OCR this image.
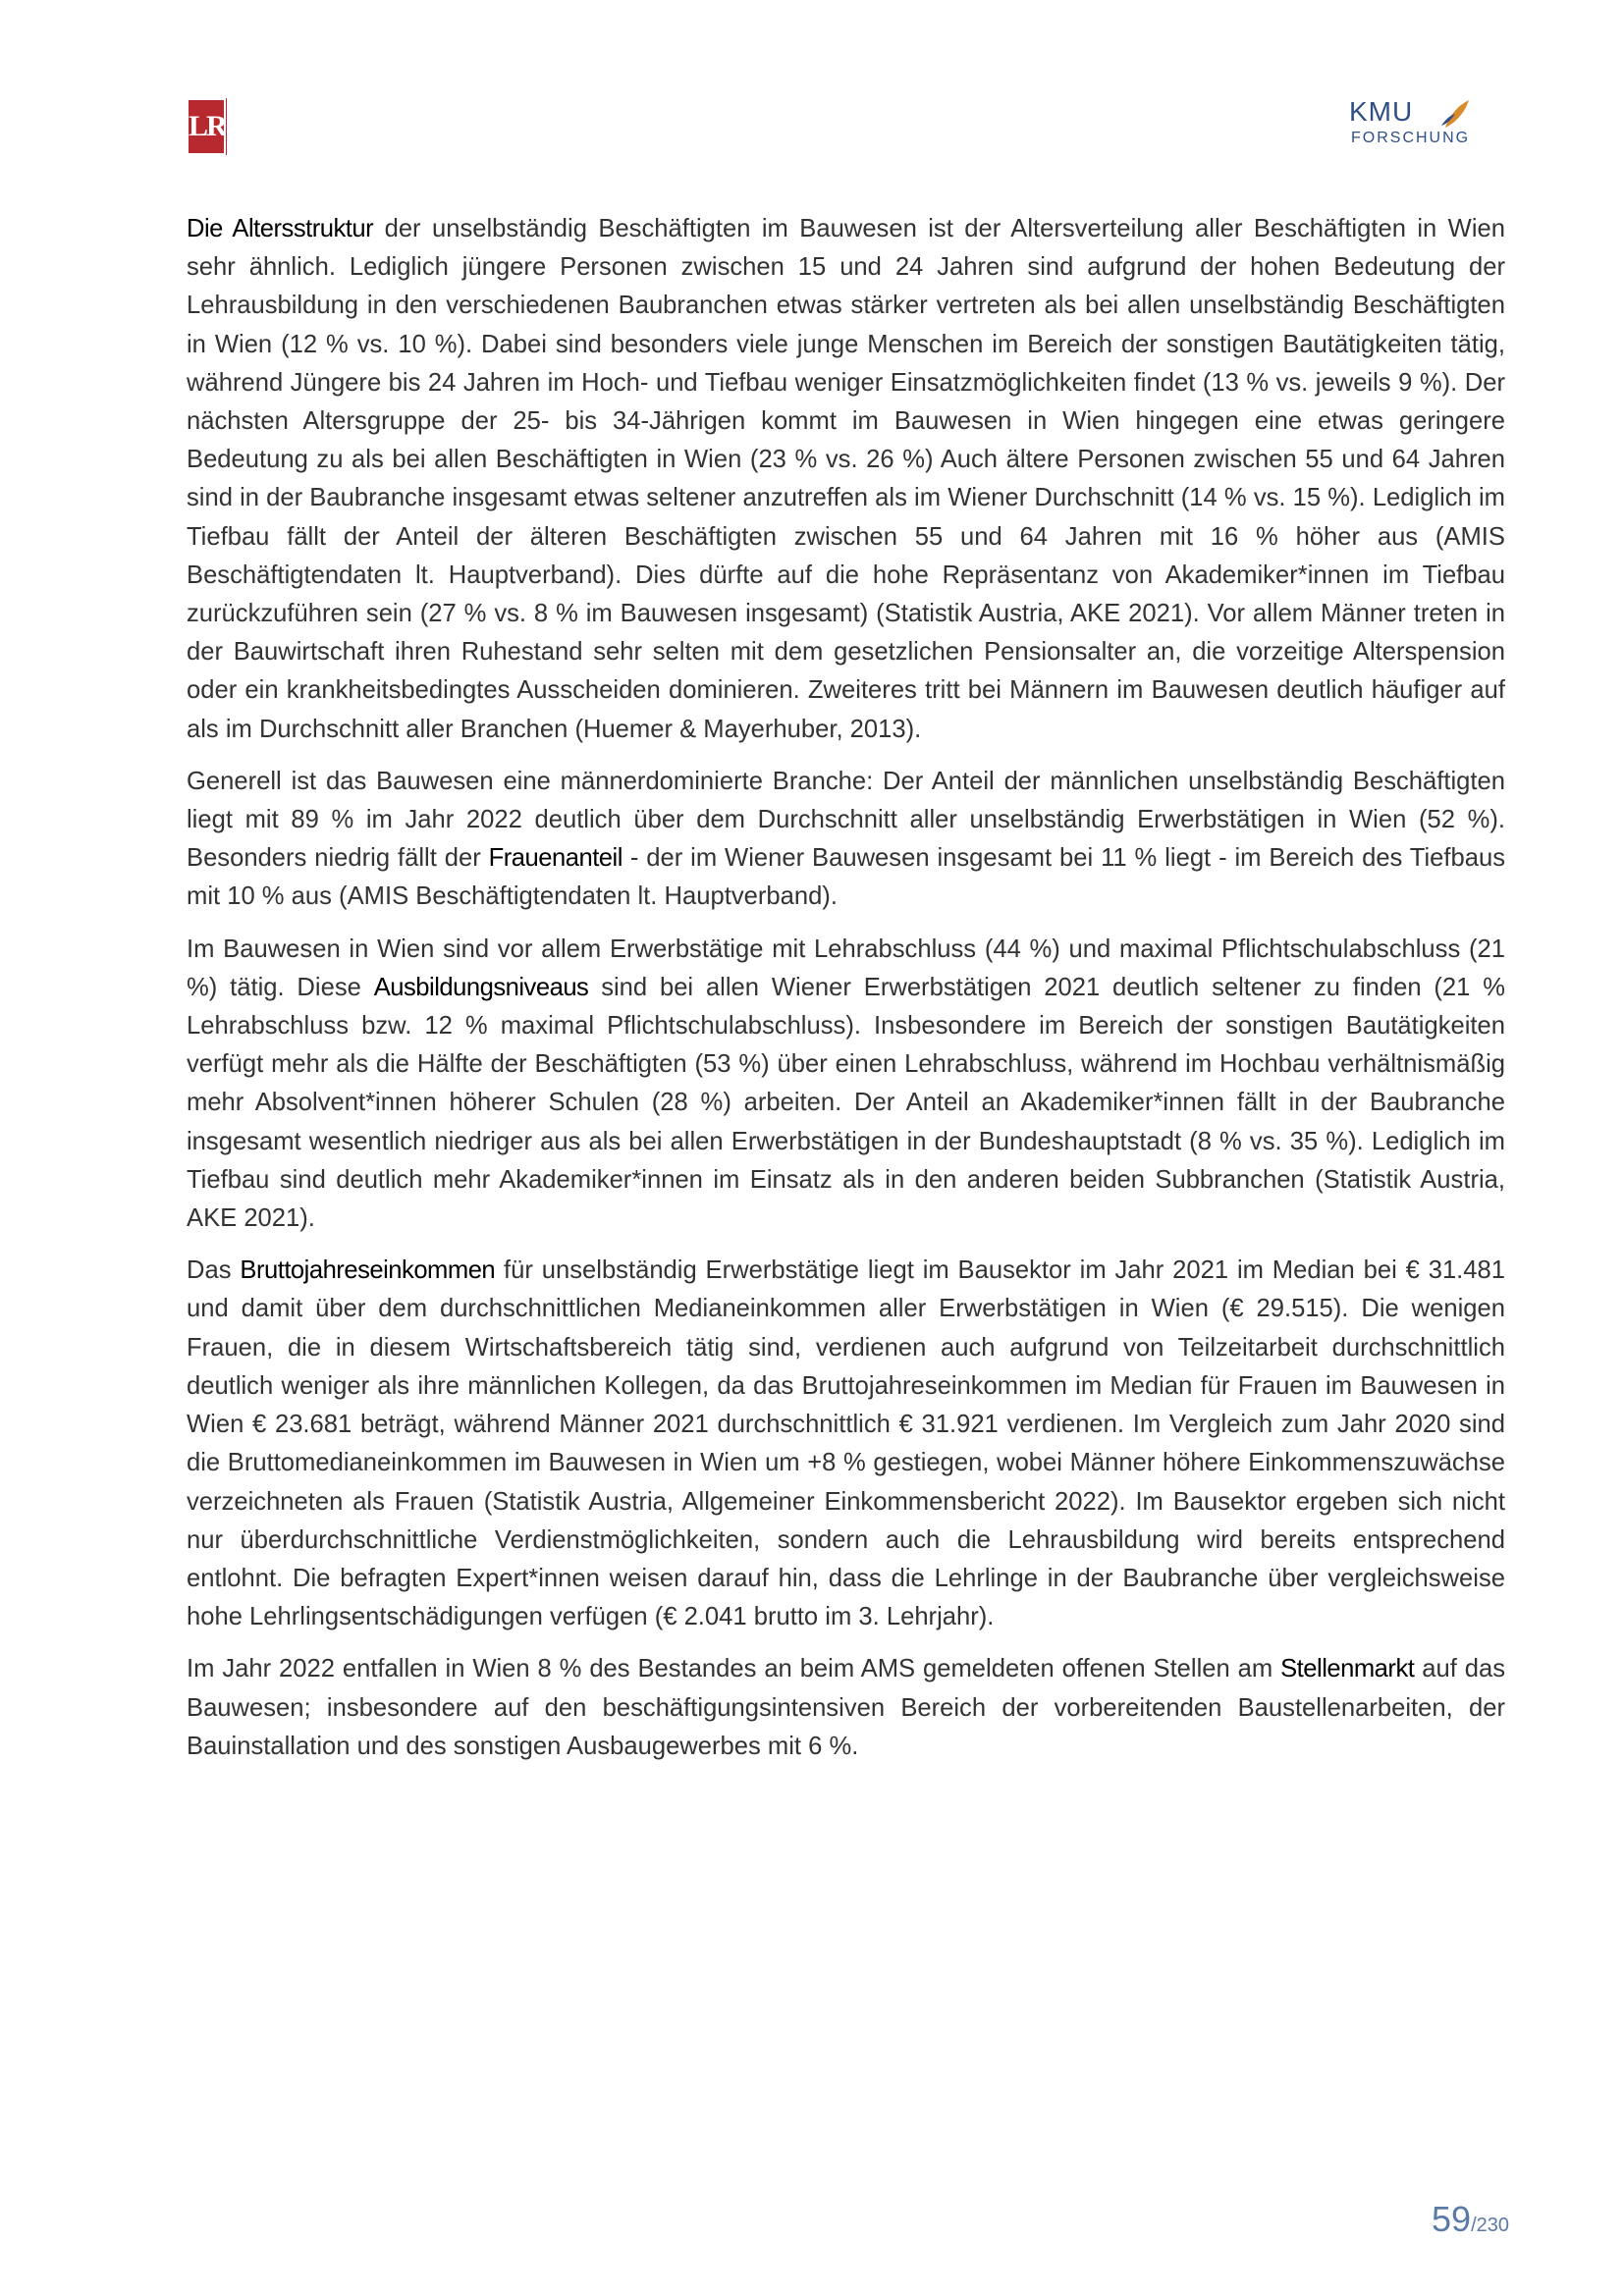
LR	KMU
FORSCHUNG

Die Altersstruktur der unselbständig Beschäftigten im Bauwesen ist der Altersverteilung aller Beschäftigten in Wien sehr ähnlich. Lediglich jüngere Personen zwischen 15 und 24 Jahren sind aufgrund der hohen Bedeutung der Lehrausbildung in den verschiedenen Baubranchen etwas stärker vertreten als bei allen unselbständig Beschäftigten in Wien (12 % vs. 10 %). Dabei sind besonders viele junge Menschen im Bereich der sonstigen Bautätigkeiten tätig, während Jüngere bis 24 Jahren im Hoch- und Tiefbau weniger Einsatzmöglichkeiten findet (13 % vs. jeweils 9 %). Der nächsten Altersgruppe der 25- bis 34-Jährigen kommt im Bauwesen in Wien hingegen eine etwas geringere Bedeutung zu als bei allen Beschäftigten in Wien (23 % vs. 26 %) Auch ältere Personen zwischen 55 und 64 Jahren sind in der Baubranche insgesamt etwas seltener anzutreffen als im Wiener Durchschnitt (14 % vs. 15 %). Lediglich im Tiefbau fällt der Anteil der älteren Beschäftigten zwischen 55 und 64 Jahren mit 16 % höher aus (AMIS Beschäftigtendaten lt. Hauptverband). Dies dürfte auf die hohe Repräsentanz von Akademiker*innen im Tiefbau zurückzuführen sein (27 % vs. 8 % im Bauwesen insgesamt) (Statistik Austria, AKE 2021). Vor allem Männer treten in der Bauwirtschaft ihren Ruhestand sehr selten mit dem gesetzlichen Pensionsalter an, die vorzeitige Alterspension oder ein krankheitsbedingtes Ausscheiden dominieren. Zweiteres tritt bei Männern im Bauwesen deutlich häufiger auf als im Durchschnitt aller Branchen (Huemer & Mayerhuber, 2013).

Generell ist das Bauwesen eine männerdominierte Branche: Der Anteil der männlichen unselbständig Beschäftigten liegt mit 89 % im Jahr 2022 deutlich über dem Durchschnitt aller unselbständig Erwerbstätigen in Wien (52 %). Besonders niedrig fällt der Frauenanteil - der im Wiener Bauwesen insgesamt bei 11 % liegt - im Bereich des Tiefbaus mit 10 % aus (AMIS Beschäftigtendaten lt. Hauptverband).

Im Bauwesen in Wien sind vor allem Erwerbstätige mit Lehrabschluss (44 %) und maximal Pflichtschulabschluss (21 %) tätig. Diese Ausbildungsniveaus sind bei allen Wiener Erwerbstätigen 2021 deutlich seltener zu finden (21 % Lehrabschluss bzw. 12 % maximal Pflichtschulabschluss). Insbesondere im Bereich der sonstigen Bautätigkeiten verfügt mehr als die Hälfte der Beschäftigten (53 %) über einen Lehrabschluss, während im Hochbau verhältnismäßig mehr Absolvent*innen höherer Schulen (28 %) arbeiten. Der Anteil an Akademiker*innen fällt in der Baubranche insgesamt wesentlich niedriger aus als bei allen Erwerbstätigen in der Bundeshauptstadt (8 % vs. 35 %). Lediglich im Tiefbau sind deutlich mehr Akademiker*innen im Einsatz als in den anderen beiden Subbranchen (Statistik Austria, AKE 2021).

Das Bruttojahreseinkommen für unselbständig Erwerbstätige liegt im Bausektor im Jahr 2021 im Median bei € 31.481 und damit über dem durchschnittlichen Medianeinkommen aller Erwerbstätigen in Wien (€ 29.515). Die wenigen Frauen, die in diesem Wirtschaftsbereich tätig sind, verdienen auch aufgrund von Teilzeitarbeit durchschnittlich deutlich weniger als ihre männlichen Kollegen, da das Bruttojahreseinkommen im Median für Frauen im Bauwesen in Wien € 23.681 beträgt, während Männer 2021 durchschnittlich € 31.921 verdienen. Im Vergleich zum Jahr 2020 sind die Bruttomedianeinkommen im Bauwesen in Wien um +8 % gestiegen, wobei Männer höhere Einkommenszuwächse verzeichneten als Frauen (Statistik Austria, Allgemeiner Einkommensbericht 2022). Im Bausektor ergeben sich nicht nur überdurchschnittliche Verdienstmöglichkeiten, sondern auch die Lehrausbildung wird bereits entsprechend entlohnt. Die befragten Expert*innen weisen darauf hin, dass die Lehrlinge in der Baubranche über vergleichsweise hohe Lehrlingsentschädigungen verfügen (€ 2.041 brutto im 3. Lehrjahr).

Im Jahr 2022 entfallen in Wien 8 % des Bestandes an beim AMS gemeldeten offenen Stellen am Stellenmarkt auf das Bauwesen; insbesondere auf den beschäftigungsintensiven Bereich der vorbereitenden Baustellenarbeiten, der Bauinstallation und des sonstigen Ausbaugewerbes mit 6 %.

59/230
